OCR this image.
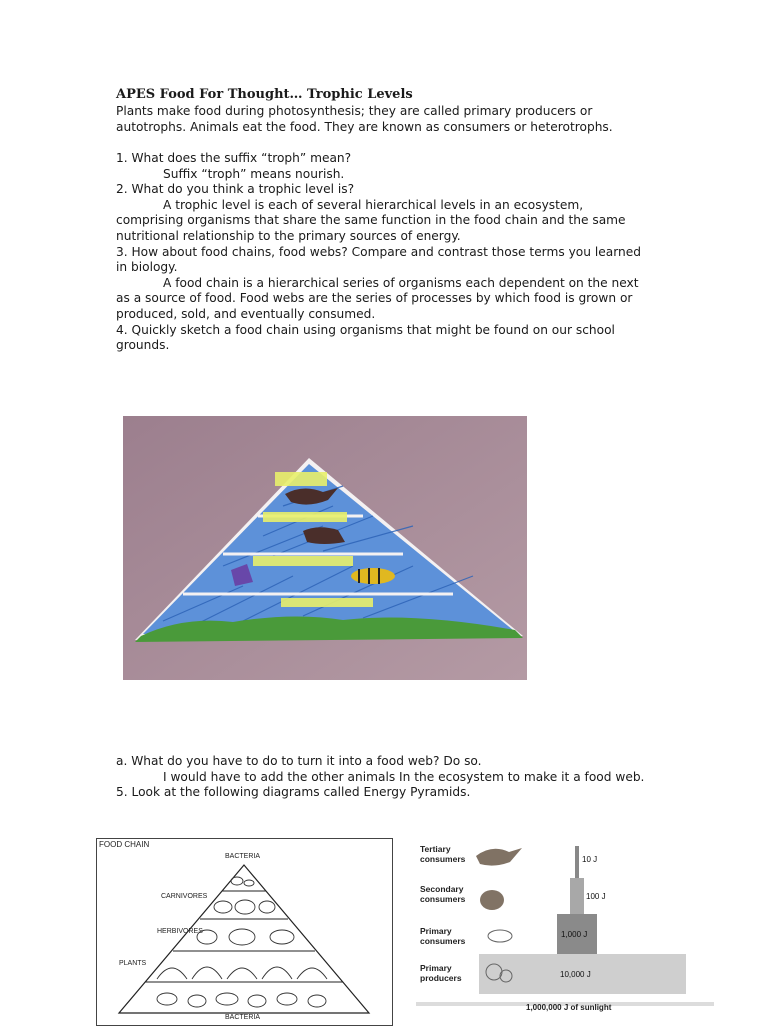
APES Food For Thought… Trophic Levels

Plants make food during photosynthesis; they are called primary producers or autotrophs. Animals eat the food. They are known as consumers or heterotrophs.

1. What does the suffix “troph” mean?

Suffix “troph” means nourish.

2. What do you think a trophic level is?

A trophic level is each of several hierarchical levels in an ecosystem, comprising organisms that share the same function in the food chain and the same nutritional relationship to the primary sources of energy.

3. How about food chains, food webs? Compare and contrast those terms you learned in biology.

A food chain is a hierarchical series of organisms each dependent on the next as a source of food. Food webs are the series of processes by which food is grown or produced, sold, and eventually consumed.

4. Quickly sketch a food chain using organisms that might be found on our school grounds.

a. What do you have to do to turn it into a food web? Do so.

I would have to add the other animals In the ecosystem to make it a food web.

5. Look at the following diagrams called Energy Pyramids.

FOOD CHAIN
BACTERIA
CARNIVORES
HERBIVORES
PLANTS
BACTERIA
Tertiary
consumers
Secondary
consumers
Primary
consumers
Primary
producers
10 J
100 J
1,000 J
10,000 J
1,000,000 J of sunlight
